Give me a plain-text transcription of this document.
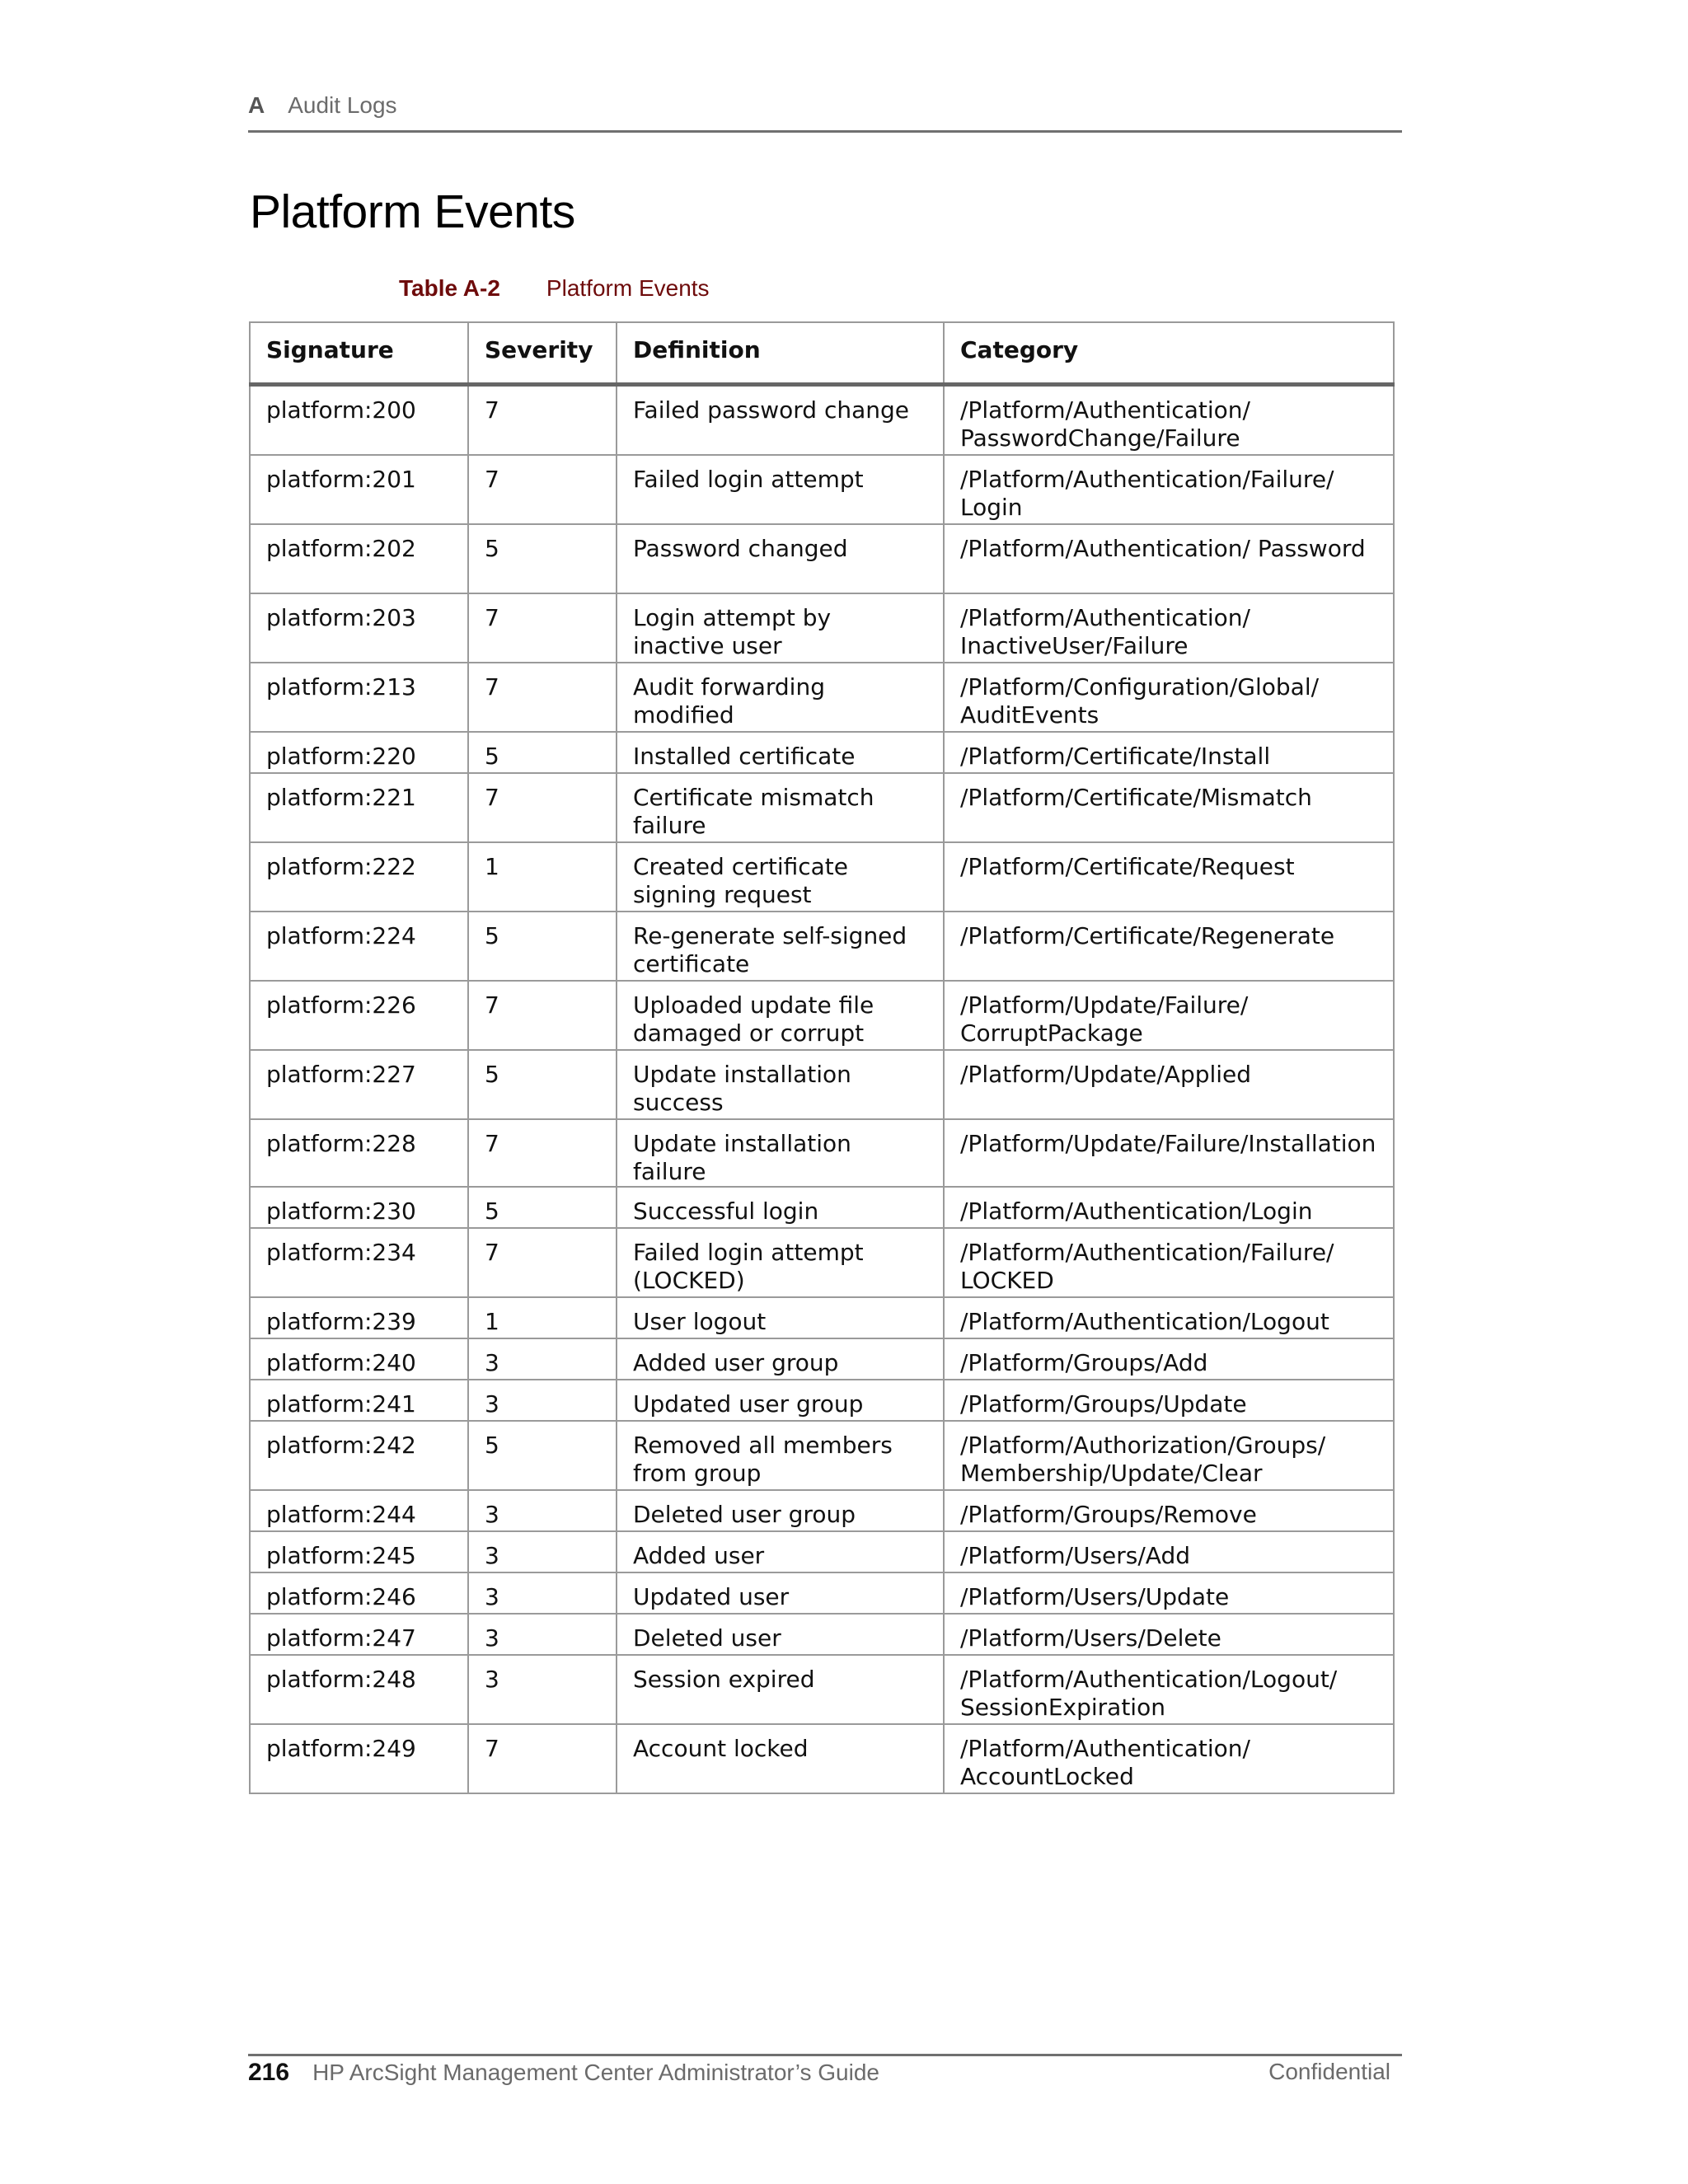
A Audit Logs
Platform Events
Table A-2 Platform Events
Signature	Severity	Definition	Category
platform:200	7	Failed password change	/Platform/Authentication/ PasswordChange/Failure
platform:201	7	Failed login attempt	/Platform/Authentication/Failure/ Login
platform:202	5	Password changed	/Platform/Authentication/ Password
platform:203	7	Login attempt by inactive user	/Platform/Authentication/ InactiveUser/Failure
platform:213	7	Audit forwarding modified	/Platform/Configuration/Global/ AuditEvents
platform:220	5	Installed certificate	/Platform/Certificate/Install
platform:221	7	Certificate mismatch failure	/Platform/Certificate/Mismatch
platform:222	1	Created certificate signing request	/Platform/Certificate/Request
platform:224	5	Re-generate self-signed certificate	/Platform/Certificate/Regenerate
platform:226	7	Uploaded update file damaged or corrupt	/Platform/Update/Failure/ CorruptPackage
platform:227	5	Update installation success	/Platform/Update/Applied
platform:228	7	Update installation failure	/Platform/Update/Failure/Installation
platform:230	5	Successful login	/Platform/Authentication/Login
platform:234	7	Failed login attempt (LOCKED)	/Platform/Authentication/Failure/ LOCKED
platform:239	1	User logout	/Platform/Authentication/Logout
platform:240	3	Added user group	/Platform/Groups/Add
platform:241	3	Updated user group	/Platform/Groups/Update
platform:242	5	Removed all members from group	/Platform/Authorization/Groups/ Membership/Update/Clear
platform:244	3	Deleted user group	/Platform/Groups/Remove
platform:245	3	Added user	/Platform/Users/Add
platform:246	3	Updated user	/Platform/Users/Update
platform:247	3	Deleted user	/Platform/Users/Delete
platform:248	3	Session expired	/Platform/Authentication/Logout/ SessionExpiration
platform:249	7	Account locked	/Platform/Authentication/ AccountLocked
216 HP ArcSight Management Center Administrator’s Guide	Confidential
